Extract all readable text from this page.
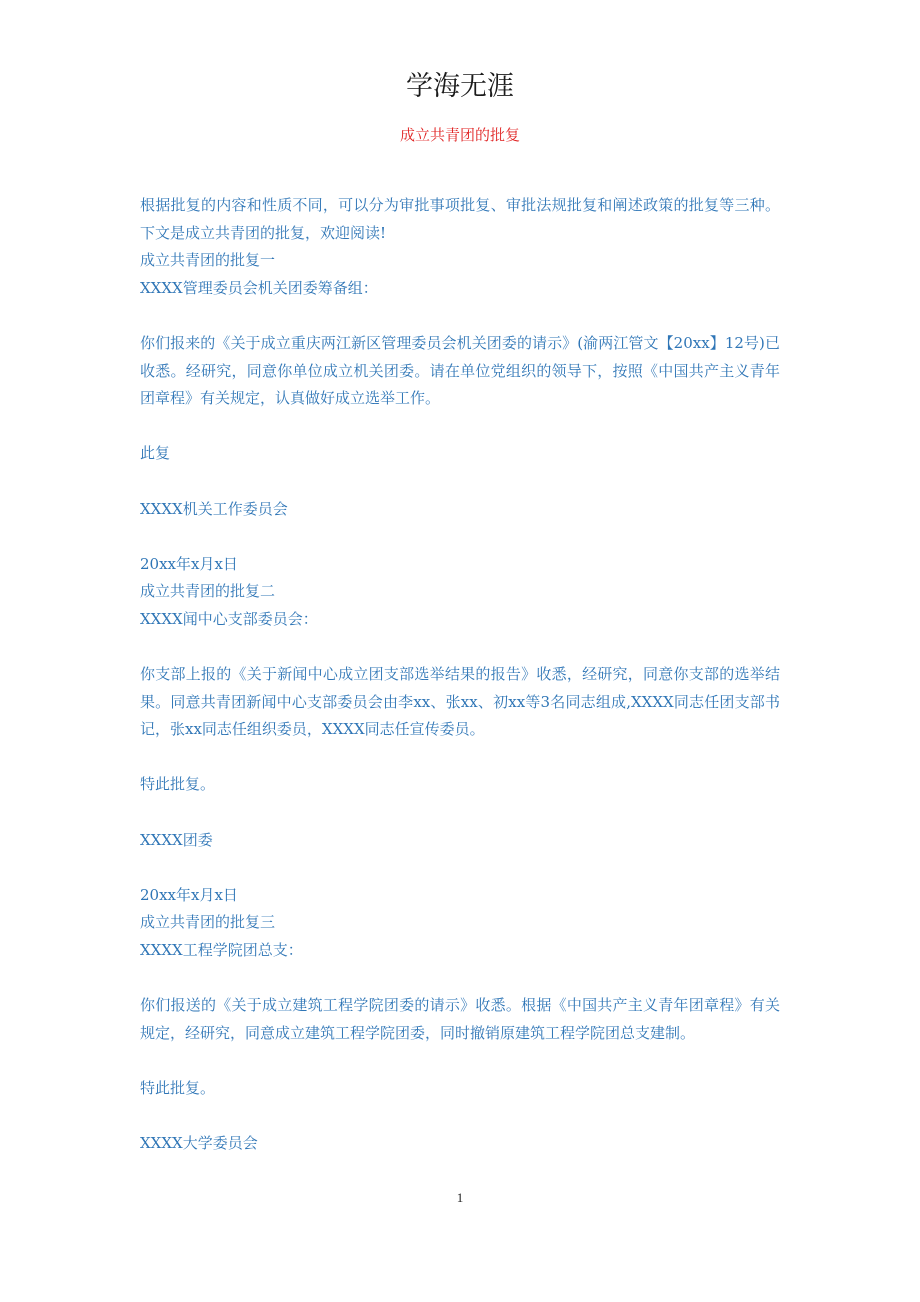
学海无涯
成立共青团的批复

根据批复的内容和性质不同，可以分为审批事项批复、审批法规批复和阐述政策的批复等三种。下文是成立共青团的批复，欢迎阅读!

成立共青团的批复一

XXXX管理委员会机关团委筹备组：

你们报来的《关于成立重庆两江新区管理委员会机关团委的请示》(渝两江管文【20xx】12号)已收悉。经研究，同意你单位成立机关团委。请在单位党组织的领导下，按照《中国共产主义青年团章程》有关规定，认真做好成立选举工作。

此复

XXXX机关工作委员会

20xx年x月x日

成立共青团的批复二

XXXX闻中心支部委员会：

你支部上报的《关于新闻中心成立团支部选举结果的报告》收悉，经研究，同意你支部的选举结果。同意共青团新闻中心支部委员会由李xx、张xx、初xx等3名同志组成,XXXX同志任团支部书记，张xx同志任组织委员，XXXX同志任宣传委员。

特此批复。

XXXX团委

20xx年x月x日

成立共青团的批复三

XXXX工程学院团总支：

你们报送的《关于成立建筑工程学院团委的请示》收悉。根据《中国共产主义青年团章程》有关规定，经研究，同意成立建筑工程学院团委，同时撤销原建筑工程学院团总支建制。

特此批复。

XXXX大学委员会

1
